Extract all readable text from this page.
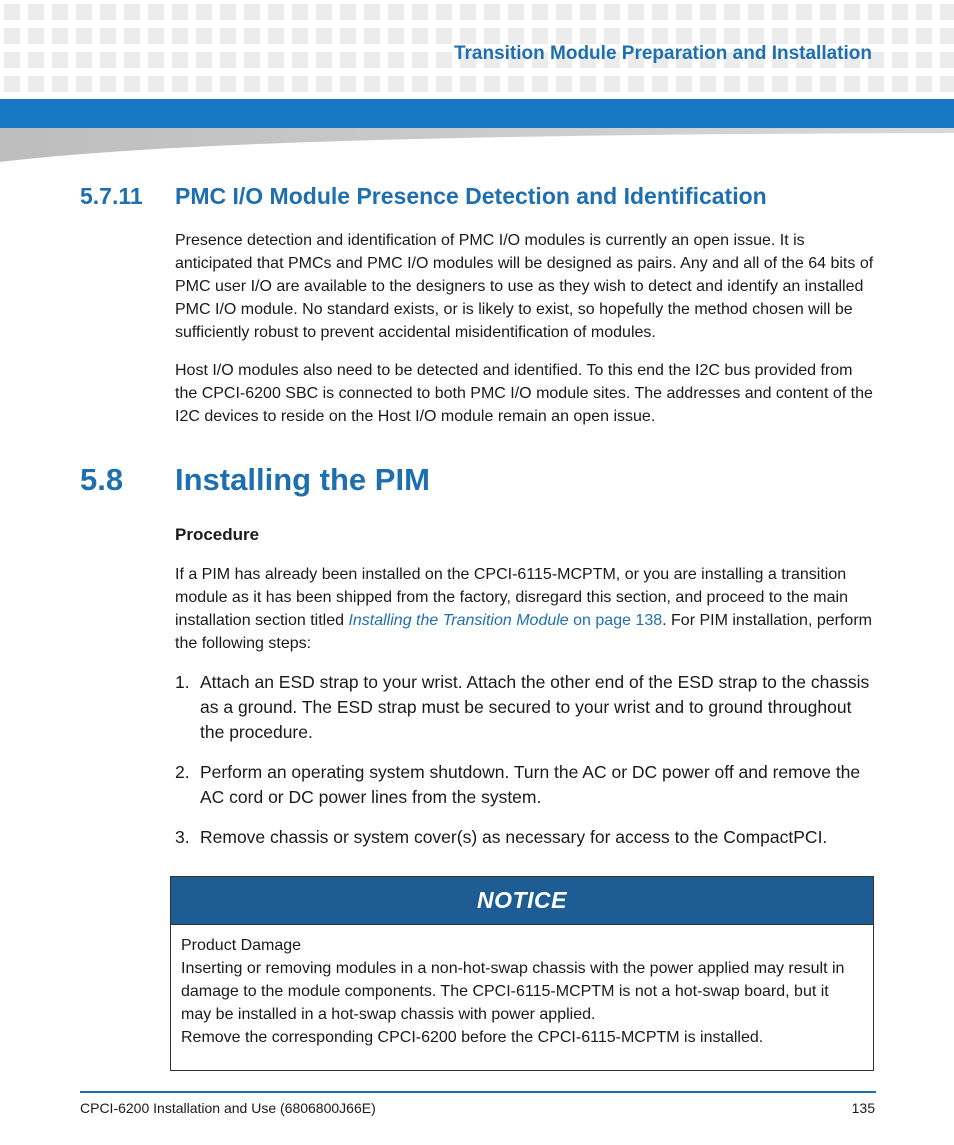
Transition Module Preparation and Installation
5.7.11 PMC I/O Module Presence Detection and Identification

Presence detection and identification of PMC I/O modules is currently an open issue. It is anticipated that PMCs and PMC I/O modules will be designed as pairs. Any and all of the 64 bits of PMC user I/O are available to the designers to use as they wish to detect and identify an installed PMC I/O module. No standard exists, or is likely to exist, so hopefully the method chosen will be sufficiently robust to prevent accidental misidentification of modules.

Host I/O modules also need to be detected and identified. To this end the I2C bus provided from the CPCI-6200 SBC is connected to both PMC I/O module sites. The addresses and content of the I2C devices to reside on the Host I/O module remain an open issue.

5.8 Installing the PIM

Procedure

If a PIM has already been installed on the CPCI-6115-MCPTM, or you are installing a transition module as it has been shipped from the factory, disregard this section, and proceed to the main installation section titled Installing the Transition Module on page 138. For PIM installation, perform the following steps:

1. Attach an ESD strap to your wrist. Attach the other end of the ESD strap to the chassis as a ground. The ESD strap must be secured to your wrist and to ground throughout the procedure.
2. Perform an operating system shutdown. Turn the AC or DC power off and remove the AC cord or DC power lines from the system.
3. Remove chassis or system cover(s) as necessary for access to the CompactPCI.
NOTICE
Product Damage
Inserting or removing modules in a non-hot-swap chassis with the power applied may result in damage to the module components. The CPCI-6115-MCPTM is not a hot-swap board, but it may be installed in a hot-swap chassis with power applied.
Remove the corresponding CPCI-6200 before the CPCI-6115-MCPTM is installed.
CPCI-6200 Installation and Use (6806800J66E)	135
